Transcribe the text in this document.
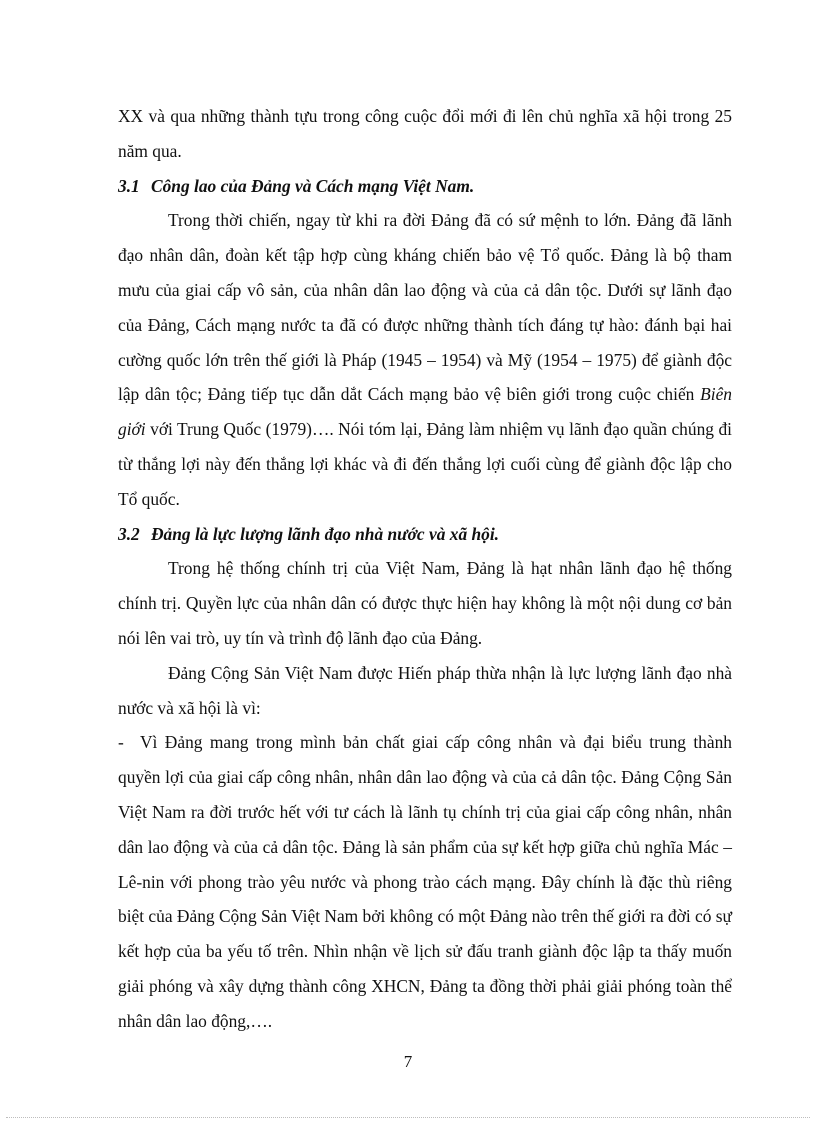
XX và qua những thành tựu trong công cuộc đổi mới đi lên chủ nghĩa xã hội trong 25 năm qua.

3.1 Công lao của Đảng và Cách mạng Việt Nam.

Trong thời chiến, ngay từ khi ra đời Đảng đã có sứ mệnh to lớn. Đảng đã lãnh đạo nhân dân, đoàn kết tập hợp cùng kháng chiến bảo vệ Tổ quốc. Đảng là bộ tham mưu của giai cấp vô sản, của nhân dân lao động và của cả dân tộc. Dưới sự lãnh đạo của Đảng, Cách mạng nước ta đã có được những thành tích đáng tự hào: đánh bại hai cường quốc lớn trên thế giới là Pháp (1945 – 1954) và Mỹ (1954 – 1975) để giành độc lập dân tộc; Đảng tiếp tục dẫn dắt Cách mạng bảo vệ biên giới trong cuộc chiến Biên giới với Trung Quốc (1979)…. Nói tóm lại, Đảng làm nhiệm vụ lãnh đạo quần chúng đi từ thắng lợi này đến thắng lợi khác và đi đến thắng lợi cuối cùng để giành độc lập cho Tổ quốc.

3.2 Đảng là lực lượng lãnh đạo nhà nước và xã hội.

Trong hệ thống chính trị của Việt Nam, Đảng là hạt nhân lãnh đạo hệ thống chính trị. Quyền lực của nhân dân có được thực hiện hay không là một nội dung cơ bản nói lên vai trò, uy tín và trình độ lãnh đạo của Đảng.

Đảng Cộng Sản Việt Nam được Hiến pháp thừa nhận là lực lượng lãnh đạo nhà nước và xã hội là vì:

- Vì Đảng mang trong mình bản chất giai cấp công nhân và đại biểu trung thành quyền lợi của giai cấp công nhân, nhân dân lao động và của cả dân tộc. Đảng Cộng Sản Việt Nam ra đời trước hết với tư cách là lãnh tụ chính trị của giai cấp công nhân, nhân dân lao động và của cả dân tộc. Đảng là sản phẩm của sự kết hợp giữa chủ nghĩa Mác – Lê-nin với phong trào yêu nước và phong trào cách mạng. Đây chính là đặc thù riêng biệt của Đảng Cộng Sản Việt Nam bởi không có một Đảng nào trên thế giới ra đời có sự kết hợp của ba yếu tố trên. Nhìn nhận về lịch sử đấu tranh giành độc lập ta thấy muốn giải phóng và xây dựng thành công XHCN, Đảng ta đồng thời phải giải phóng toàn thể nhân dân lao động,….
7
